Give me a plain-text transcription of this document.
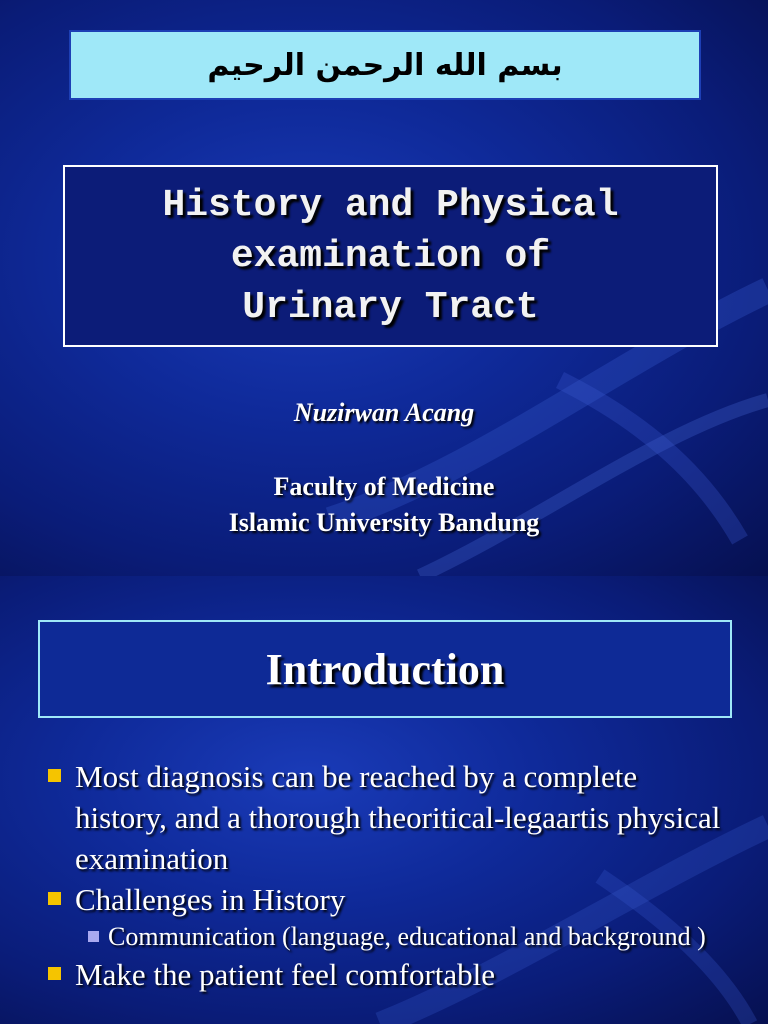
بسم الله الرحمن الرحيم
History and Physical
examination of
Urinary Tract
Nuzirwan Acang
Faculty of Medicine
Islamic University Bandung
Introduction
Most diagnosis can be reached by a complete history, and a thorough theoritical-legaartis physical examination
Challenges in History
Communication (language, educational and background )
Make the patient feel comfortable
